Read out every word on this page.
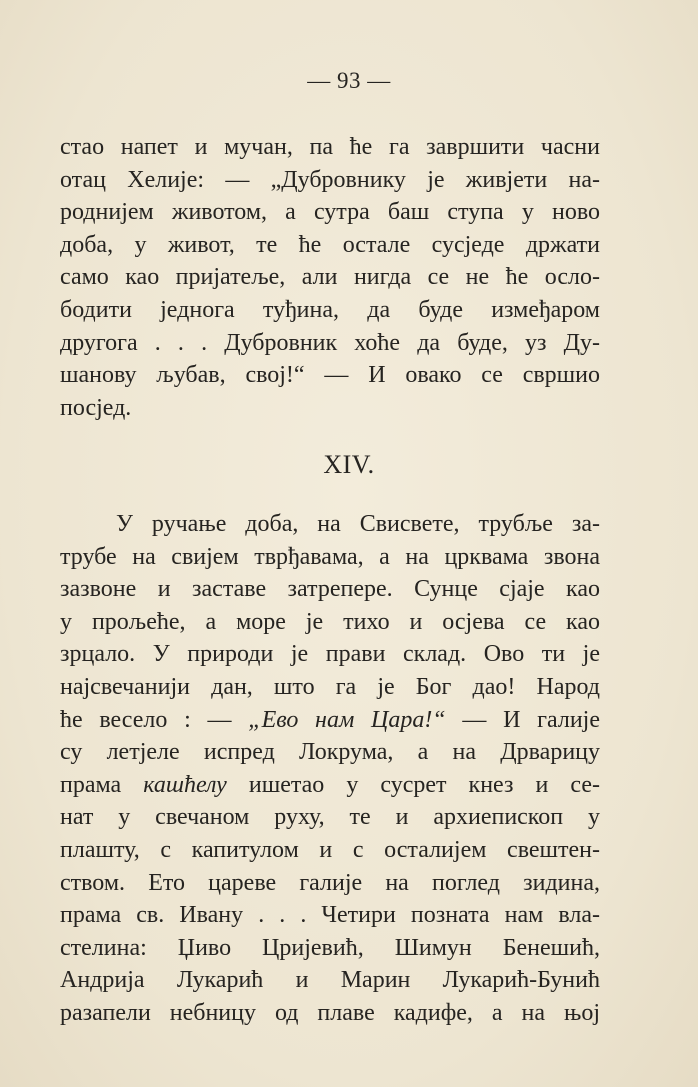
— 93 —
стао напет и мучан, па ће га завршити часни
отац Хелије: — „Дубровнику је живјети на-
роднијем животом, а сутра баш ступа у ново
доба, у живот, те ће остале сусједе држати
само као пријатеље, али нигда се не ће осло-
бодити једнога туђина, да буде измеђаром
другога . . . Дубровник хоће да буде, уз Ду-
шанову љубав, свој!“ — И овако се свршио
посјед.
XIV.
У ручање доба, на Свисвете, трубље за-
трубе на свијем тврђавама, а на црквама звона
зазвоне и заставе затрепере. Сунце сјаје као
у прољеће, а море је тихо и осјева се као
зрцало. У природи је прави склад. Ово ти је
најсвечанији дан, што га је Бог дао! Народ
ће весело : — „Ево нам Цара!“ — И галије
су летјеле испред Локрума, а на Дрварицу
прама кашћелу ишетао у сусрет кнез и се-
нат у свечаном руху, те и архиепископ у
плашту, с капитулом и с осталијем свештен-
ством. Ето цареве галије на поглед зидина,
прама св. Ивану . . . Четири позната нам вла-
стелина: Џиво Цријевић, Шимун Бенешић,
Андрија Лукарић и Марин Лукарић-Бунић
разапели небницу од плаве кадифе, а на њој
